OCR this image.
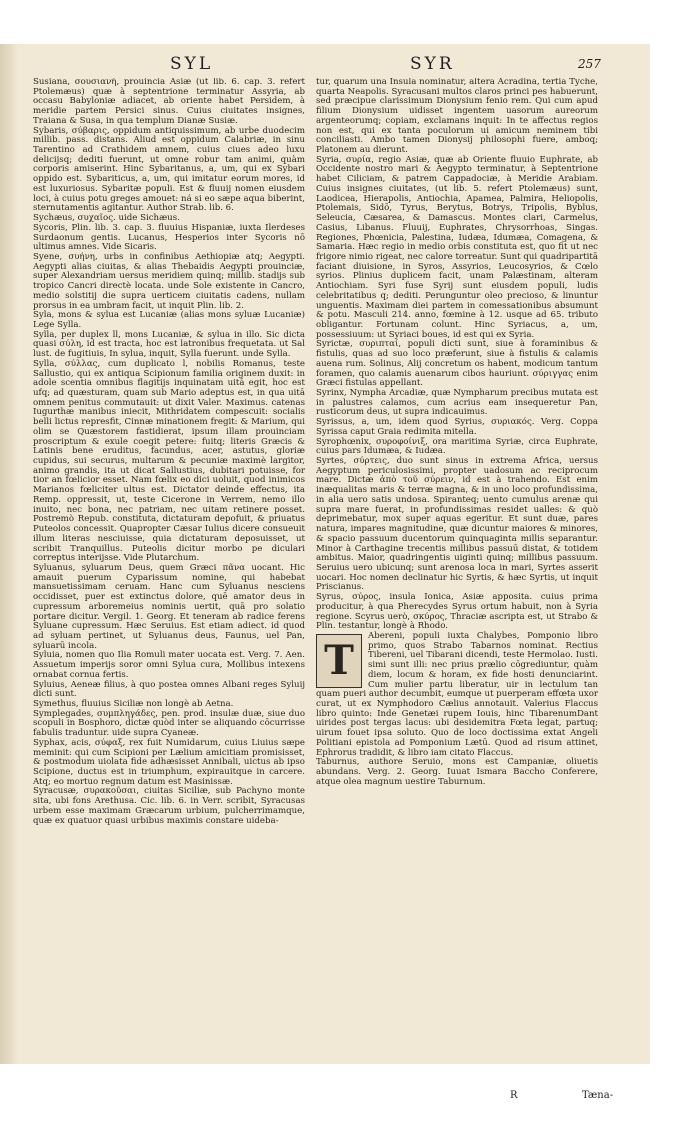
SYL	SYR	257

Susiana, σουσιανή, prouincia Asiæ (ut lib. 6. cap. 3. refert Ptolemæus) quæ à septentrione terminatur Assyria, ab occasu Babyloniæ adiacet, ab oriente habet Persidem, à meridie partem Persici sinus. Cuius ciuitates insignes, Traiana & Susa, in qua templum Dianæ Susiæ.

Sybaris, σύβαρις, oppidum antiquissimum, ab urbe duodecim millib. pass. distans. Aliud est oppidum Calabriæ, in sinu Tarentino ad Crathidem amnem, cuius ciues adeo luxu delicijsq; dediti fuerunt, ut omne robur tam animi, quàm corporis amiserint. Hinc Sybaritanus, a, um, qui ex Sybari oppido est. Sybariticus, a, um, qui imitatur eorum mores, id est luxuriosus. Sybaritæ populi. Est & fluuij nomen eiusdem loci, à cuius potu greges amouet: ná si eo sæpe aqua biberint, sternutamentis agitantur. Author Strab. lib. 6.

Sychæus, συχαῖος. uide Sichæus.

Sycoris, Plin. lib. 3. cap. 3. fluuius Hispaniæ, iuxta Ilerdeses Surdaonum gentis. Lucanus, Hesperios inter Sycoris nō ultimus amnes. Vide Sicaris.

Syene, συήνη, urbs in confinibus Aethiopiæ atq; Aegypti. Aegypti alias ciuitas, & alias Thebaidis Aegypti prouinciæ, super Alexandriam uersus meridiem quinq; millib. stadijs sub tropico Cancri directè locata. unde Sole existente in Cancro, medio solstitij die supra uerticem ciuitatis cadens, nullam prorsus in ea umbram facit, ut inquit Plin. lib. 2.

Syla, mons & sylua est Lucaniæ (alias mons syluæ Lucaniæ) Lege Sylla.

Sylla, per duplex ll, mons Lucaniæ, & sylua in illo. Sic dicta quasi σύλη, id est tracta, hoc est latronibus frequetata. ut Sal lust. de fugitiuis, In sylua, inquit, Sylla fuerunt. unde Sylla.

Sylla, σύλλας, cum duplicato l, nobilis Romanus, teste Sallustio, qui ex antiqua Scipionum familia originem duxit: in adole scentia omnibus flagitijs inquinatam uitā egit, hoc est ufq; ad quæsturam, quam sub Mario adeptus est, in qua uitā omnem penitus commutauit: ut dixit Valer. Maximus. catenas Iugurthæ manibus iniecit, Mithridatem compescuit: socialis belli lictus represfit, Cinnæ minationem fregit: & Marium, qui olim se Quæstorem fastidierat, ipsum illam prouinciam proscriptum & exule coegit petere: fuitq; literis Græcis & Latinis bene eruditus, facundus, acer, astutus, gloriæ cupidus, sui securus, multarum & pecuniæ maximè largitor, animo grandis, ita ut dicat Sallustius, dubitari potuisse, for tior an fœlicior esset. Nam fœlix eo dici uoluit, quod inimicos Marianos fœliciter ultus est. Dictator deinde effectus, ita Remp. oppressit, ut, teste Cicerone in Verrem, nemo illo inuito, nec bona, nec patriam, nec uitam retinere posset. Postremò Repub. constituta, dictaturam depofuit, & priuatus Puteolos concessit. Quapropter Cæsar Iulius dicere consueuit illum literas nesciuisse, quia dictaturam deposuisset, ut scribit Tranquillus. Puteolis dicitur morbo pe diculari correptus interijsse. Vide Plutarchum.

Syluanus, syluarum Deus, quem Græci πᾶνα uocant. Hic amauit puerum Cyparissum nomine, qui habebat mansuetissimam ceruam. Hanc cum Syluanus nesciens occidisset, puer est extinctus dolore, quē amator deus in cupressum arboremeius nominis uertit, quā pro solatio portare dicitur. Vergil. 1. Georg. Et teneram ab radice ferens Syluane cupressum. Hæc Seruius. Est etiam adiect. id quod ad syluam pertinet, ut Syluanus deus, Faunus, uel Pan, syluarū incola.

Syluia, nomen quo Ilia Romuli mater uocata est. Verg. 7. Aen. Assuetum imperijs soror omni Sylua cura, Mollibus intexens ornabat cornua fertis.

Syluius, Aeneæ filius, à quo posteа omnes Albani reges Syluij dicti sunt.

Symethus, fluuius Siciliæ non longè ab Aetna.

Symplegades, συμπληγάδες, pen. prod. insulæ duæ, siue duo scopuli in Bosphoro, dictæ quòd inter se aliquando cōcurrisse fabulis traduntur. uide supra Cyaneæ.

Syphax, acis, σύφαξ, rex fuit Numidarum, cuius Liuius sæpe meminit: qui cum Scipioni per Lælium amicitiam promisisset, & postmodum uiolata fide adhæsisset Annibali, uictus ab ipso Scipione, ductus est in triumphum, expirauitque in carcere. Atq; eo mortuo regnum datum est Masinissæ.

Syracusæ, συρακοῦσαι, ciuitas Siciliæ, sub Pachyno monte sita, ubi fons Arethusa. Cic. lib. 6. in Verr. scribit, Syracusas urbem esse maximam Græcarum urbium, pulcherrimamque, quæ ex quatuor quasi urbibus maximis constare uideba-

tur, quarum una Insula nominatur, altera Acradina, tertia Tyche, quarta Neapolis. Syracusani multos claros princi pes habuerunt, sed præcipue clarissimum Dionysium fenio rem. Qui cum apud filium Dionysium uidisset ingentem uasorum aureorum argenteorumq; copiam, exclamans inquit: In te affectus regios non est, qui ex tanta poculorum ui amicum neminem tibi conciliasti. Ambo tamen Dionysij philosophi fuere, amboq; Platonem au dierunt.

Syria, συρία, regio Asiæ, quæ ab Oriente fluuio Euphrate, ab Occidente nostro mari & Aegypto terminatur, à Septentrione habet Ciliciam, & patrem Cappadociæ, à Meridie Arabiam. Cuius insignes ciuitates, (ut lib. 5. refert Ptolemæus) sunt, Laodicea, Hierapolis, Antiochia, Apamea, Palmira, Heliopolis, Ptolemais, Sidō, Tyrus, Berytus, Botrys, Tripolis, Byblus, Seleucia, Cæsarea, & Damascus. Montes clari, Carmelus, Casius, Libanus. Fluuij, Euphrates, Chrysorrhoas, Singas. Regiones, Phœnicia, Palestina, Iudæa, Idumæa, Comagena, & Samaria. Hæc regio in medio orbis constituta est, quo fit ut nec frigore nimio rigeat, nec calore torreatur. Sunt qui quadripartitā faciant diuisione, in Syros, Assyrios, Leucosyrios, & Cœlo syrios. Plinius duplicem facit, unam Palæstinam, alteram Antiochiam. Syri fuse Syrij sunt eiusdem populi, ludis celebritatibus q; dediti. Perunguntur oleo precioso, & linuntur unguentis. Maximam diei partem in comessationibus absumunt & potu. Masculi 214. anno, fœmine à 12. usque ad 65. tributo obligantur. Fortunam colunt. Hinc Syriacus, a, um, possessiuum: ut Syriaci boues, id est qui ex Syria.

Syrictæ, συριπταί, populi dicti sunt, siue à foraminibus & fistulis, quas ad suo loco præferunt, siue à fistulis & calamis auena rum. Solinus, Alij concretum os habent, modicum tantum foramen, quo calamis auenarum cibos hauriunt. σύριγγας enim Græci fistulas appellant.

Syrinx, Nympha Arcadiæ, quæ Nympharum precibus mutata est in palustres calamos, cum acrius eam insequeretur Pan, rusticorum deus, ut supra indicauimus.

Syrissus, a, um, idem quod Syrius, συριακός. Verg. Coppa Syrissa caput Graia redimita mitella.

Syrophœnix, συροφοίνιξ, ora maritima Syriæ, circa Euphrate, cuius pars Idumæa, & Iudæa.

Syrtes, σύρτεις, duo sunt sinus in extrema Africa, uersus Aegyptum periculosissimi, propter uadosum ac reciprocum mare. Dictæ ἀπὸ τοῦ σύρειν, id est à trahendo. Est enim inæqualitas maris & terræ magna, & in uno loco profundissima, in alia uero satis undosa. Spiranteq; uento cumulus arenæ qui supra mare fuerat, in profundissimas residet ualles: & quò deprimebatur, mox super aquas egeritur. Et sunt duæ, pares natura, impares magnitudine, quæ dicuntur maiores & minores, & spacio passuum ducentorum quinquaginta millis separantur. Minor à Carthagine trecentis millibus passuū distat, & totidem ambitus. Maior, quadringentis uiginti quinq; millibus passuum. Seruius uero ubicunq; sunt arenosa loca in mari, Syrtes asserit uocari. Hoc nomen declinatur hic Syrtis, & hæc Syrtis, ut inquit Priscianus.

Syrus, σύρος, insula Ionica, Asiæ apposita. cuius prima producitur, à qua Pherecydes Syrus ortum habuit, non à Syria regione. Scyrus uerò, σκύρος, Thraciæ ascripta est, ut Strabo & Plin. testantur, longè à Rhodo.

T

Abereni, populi iuxta Chalybes, Pomponio libro primo, quos Strabo Tabarnos nominat. Rectius Tibereni, uel Tibarani dicendi, teste Hermolao. Iusti. simi sunt illi: nec prius prælio cōgrediuntur, quàm diem, locum & horam, ex fide hosti denunciarint. Cum mulier partu liberatur, uir in lectulum tan quam pueri author decumbit, eumque ut puerperam effœta uxor curat, ut ex Nymphodoro Cælius annotauit. Valerius Flaccus libro quinto: Inde Genetæi rupem Iouis, hinc TibarenumDant uirides post tergas lacus: ubi desidemitra Fœta legat, partuq; uirum fouet ipsa soluto. Quo de loco doctissima extat Angeli Politiani epistola ad Pomponium Lætū. Quod ad risum attinet, Ephrorus tradidit, & libro iam citato Flaccus.

Taburnus, authore Seruio, mons est Campaniæ, oliuetis abundans. Verg. 2. Georg. Iuuat Ismara Baccho Conferere, atque olea magnum uestire Taburnum.

R	Tæna-
